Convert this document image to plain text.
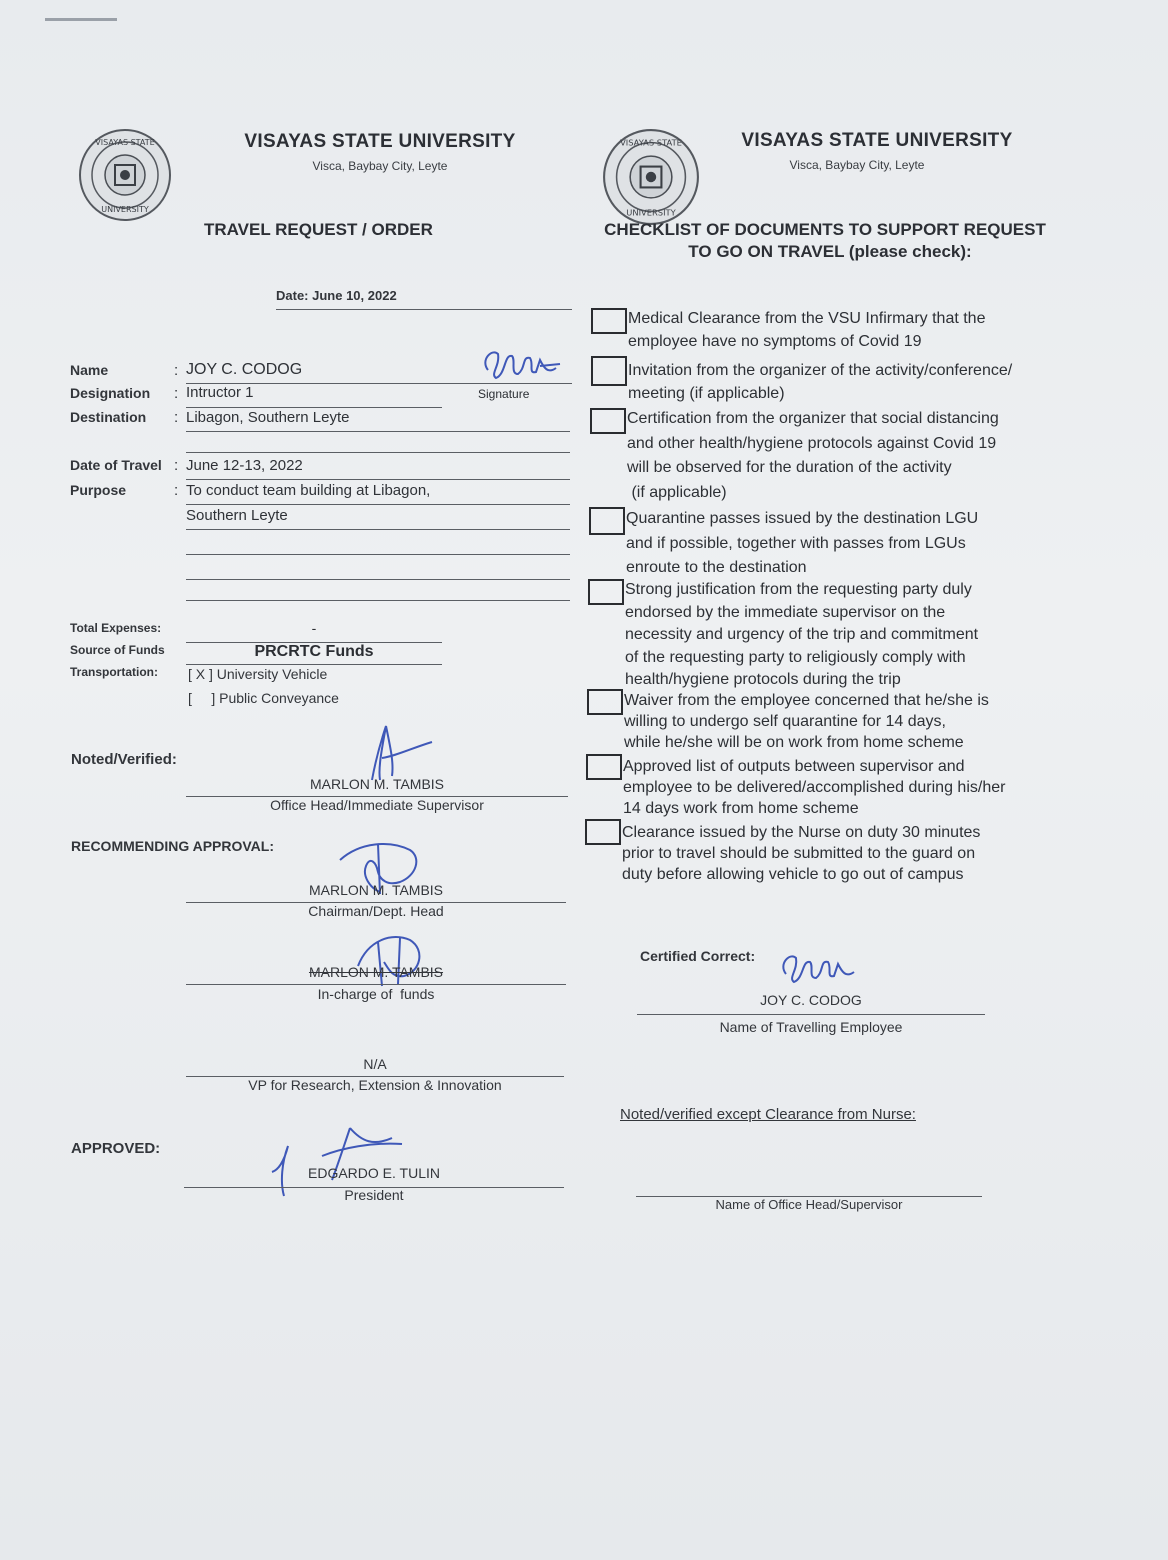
VISAYAS STATE
UNIVERSITY
VISAYAS STATE UNIVERSITY
Visca, Baybay City, Leyte
TRAVEL REQUEST / ORDER
Date: June 10, 2022
Name	: JOY C. CODOG
Designation : Intructor 1	Signature
Destination : Libagon, Southern Leyte
Date of Travel : June 12-13, 2022
Purpose	: To conduct team building at Libagon,
Southern Leyte
Total Expenses:	-
Source of Funds	PRCRTC Funds
Transportation: [ X ] University Vehicle
[     ] Public Conveyance
Noted/Verified:
MARLON M. TAMBIS
Office Head/Immediate Supervisor
RECOMMENDING APPROVAL:
MARLON M. TAMBIS
Chairman/Dept. Head
MARLON M. TAMBIS
In-charge of  funds
N/A
VP for Research, Extension & Innovation
APPROVED:
EDGARDO E. TULIN
President
VISAYAS STATE
UNIVERSITY
VISAYAS STATE UNIVERSITY
Visca, Baybay City, Leyte
CHECKLIST OF DOCUMENTS TO SUPPORT REQUEST
TO GO ON TRAVEL (please check):
Medical Clearance from the VSU Infirmary that the
employee have no symptoms of Covid 19
Invitation from the organizer of the activity/conference/
meeting (if applicable)
Certification from the organizer that social distancing
and other health/hygiene protocols against Covid 19
will be observed for the duration of the activity
(if applicable)
Quarantine passes issued by the destination LGU
and if possible, together with passes from LGUs
enroute to the destination
Strong justification from the requesting party duly
endorsed by the immediate supervisor on the
necessity and urgency of the trip and commitment
of the requesting party to religiously comply with
health/hygiene protocols during the trip
Waiver from the employee concerned that he/she is
willing to undergo self quarantine for 14 days,
while he/she will be on work from home scheme
Approved list of outputs between supervisor and
employee to be delivered/accomplished during his/her
14 days work from home scheme
Clearance issued by the Nurse on duty 30 minutes
prior to travel should be submitted to the guard on
duty before allowing vehicle to go out of campus
Certified Correct:
JOY C. CODOG
Name of Travelling Employee
Noted/verified except Clearance from Nurse:
Name of Office Head/Supervisor
